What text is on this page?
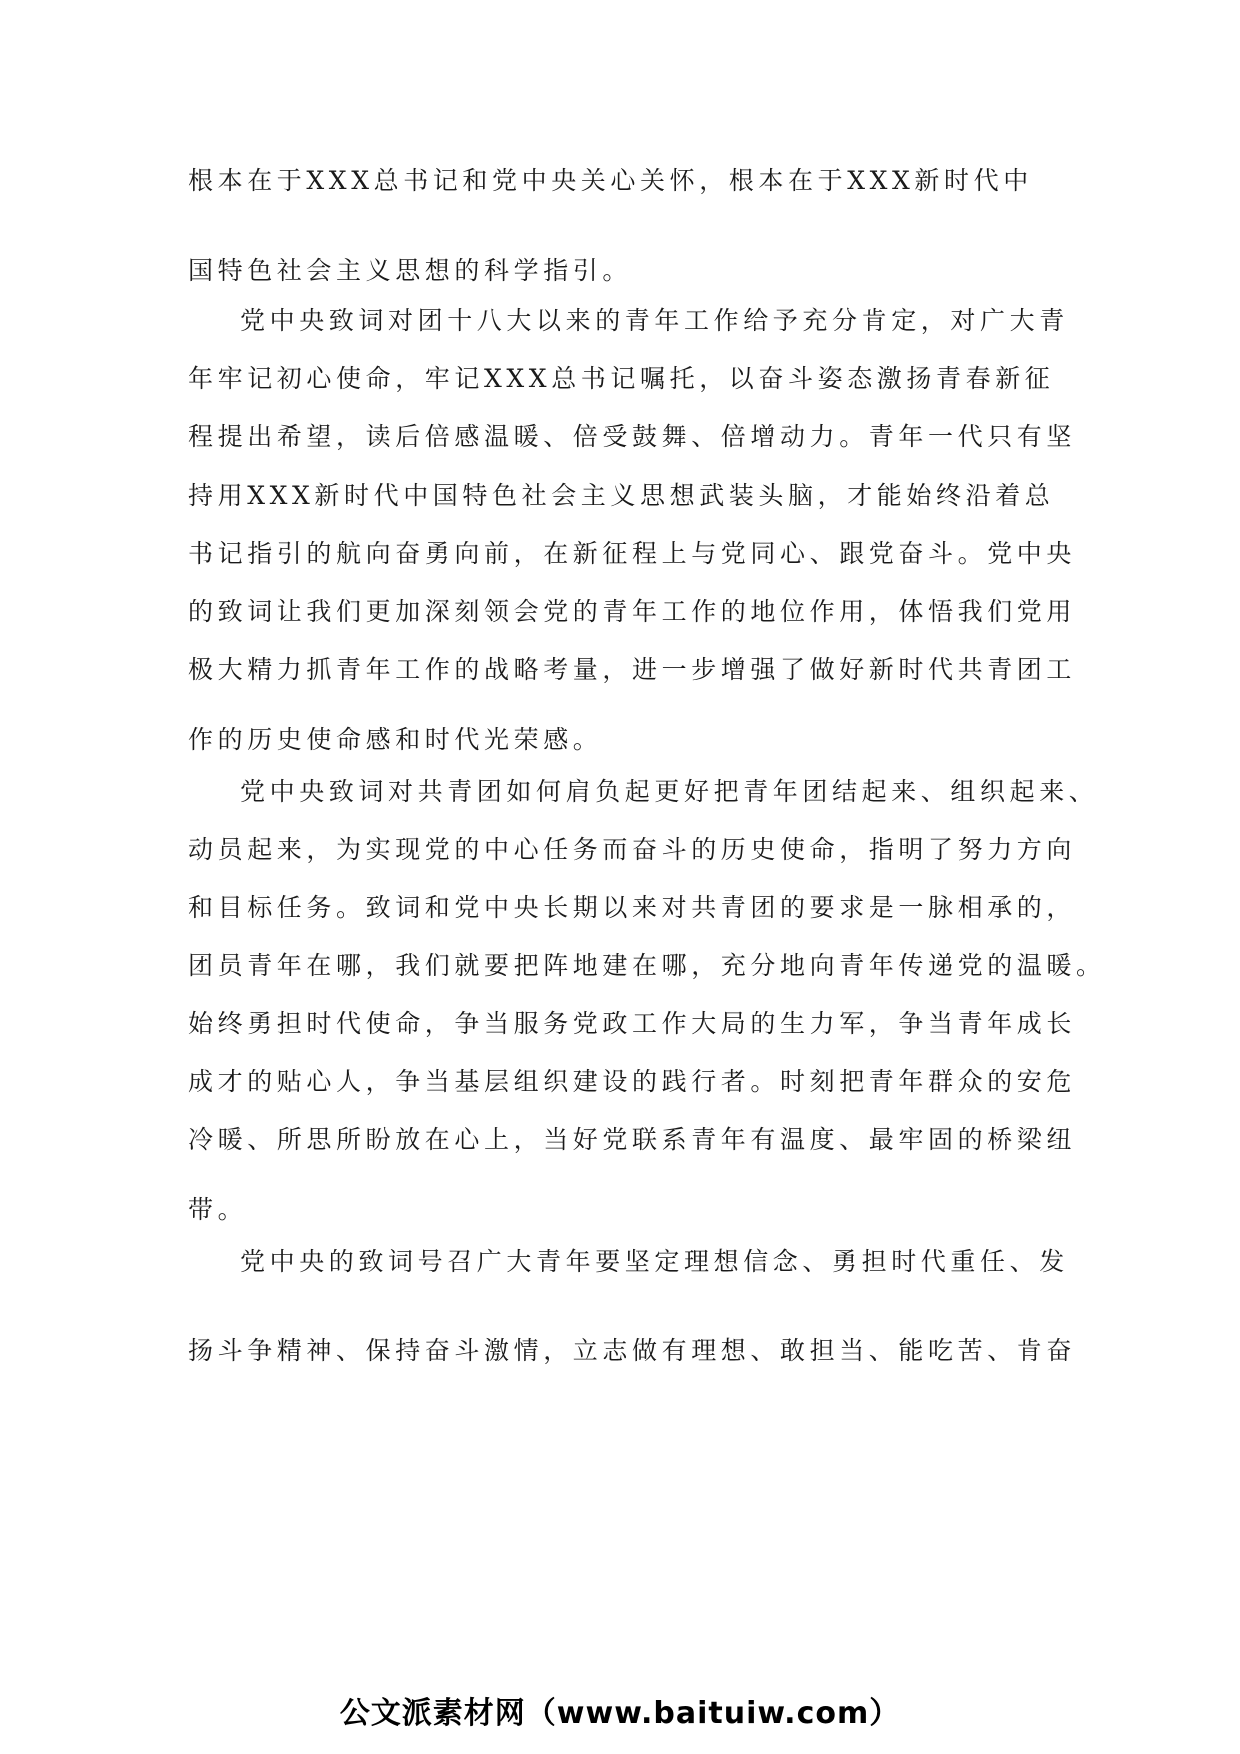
根本在于XXX总书记和党中央关心关怀，根本在于XXX新时代中
国特色社会主义思想的科学指引。
党中央致词对团十八大以来的青年工作给予充分肯定，对广大青
年牢记初心使命，牢记XXX总书记嘱托，以奋斗姿态激扬青春新征
程提出希望，读后倍感温暖、倍受鼓舞、倍增动力。青年一代只有坚
持用XXX新时代中国特色社会主义思想武装头脑，才能始终沿着总
书记指引的航向奋勇向前，在新征程上与党同心、跟党奋斗。党中央
的致词让我们更加深刻领会党的青年工作的地位作用，体悟我们党用
极大精力抓青年工作的战略考量，进一步增强了做好新时代共青团工
作的历史使命感和时代光荣感。
党中央致词对共青团如何肩负起更好把青年团结起来、组织起来、
动员起来，为实现党的中心任务而奋斗的历史使命，指明了努力方向
和目标任务。致词和党中央长期以来对共青团的要求是一脉相承的，
团员青年在哪，我们就要把阵地建在哪，充分地向青年传递党的温暖。
始终勇担时代使命，争当服务党政工作大局的生力军，争当青年成长
成才的贴心人，争当基层组织建设的践行者。时刻把青年群众的安危
冷暖、所思所盼放在心上，当好党联系青年有温度、最牢固的桥梁纽
带。
党中央的致词号召广大青年要坚定理想信念、勇担时代重任、发
扬斗争精神、保持奋斗激情，立志做有理想、敢担当、能吃苦、肯奋
公文派素材网（www.baituiw.com）
